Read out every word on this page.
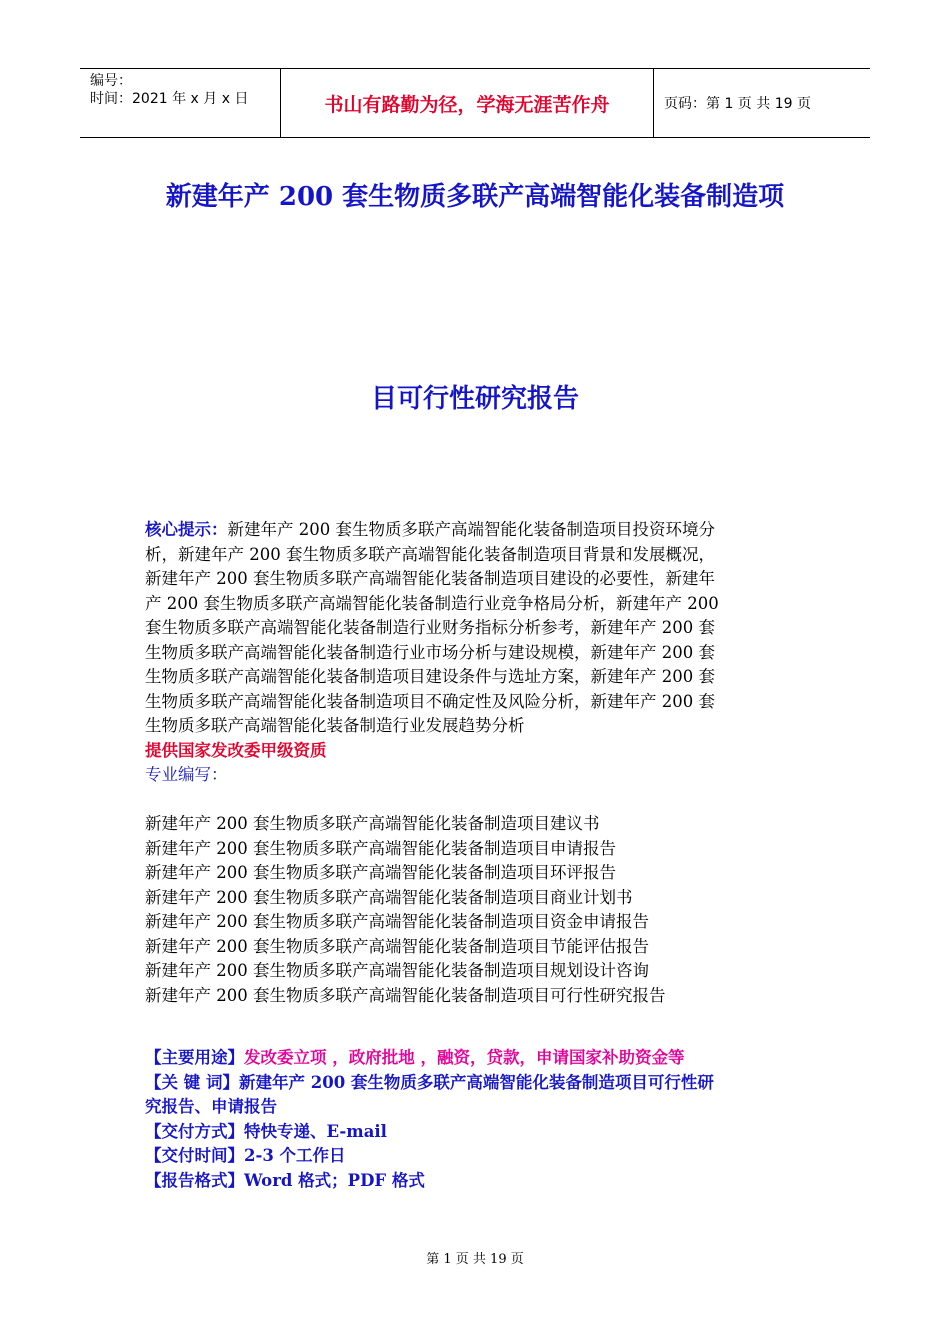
编号：
时间：2021 年 x 月 x 日	书山有路勤为径，学海无涯苦作舟	页码：第 1 页 共 19 页
新建年产 200 套生物质多联产高端智能化装备制造项
目可行性研究报告

核心提示：新建年产 200 套生物质多联产高端智能化装备制造项目投资环境分

析，新建年产 200 套生物质多联产高端智能化装备制造项目背景和发展概况，

新建年产 200 套生物质多联产高端智能化装备制造项目建设的必要性，新建年

产 200 套生物质多联产高端智能化装备制造行业竞争格局分析，新建年产 200

套生物质多联产高端智能化装备制造行业财务指标分析参考，新建年产 200 套

生物质多联产高端智能化装备制造行业市场分析与建设规模，新建年产 200 套

生物质多联产高端智能化装备制造项目建设条件与选址方案，新建年产 200 套

生物质多联产高端智能化装备制造项目不确定性及风险分析，新建年产 200 套

生物质多联产高端智能化装备制造行业发展趋势分析

提供国家发改委甲级资质

专业编写：

新建年产 200 套生物质多联产高端智能化装备制造项目建议书

新建年产 200 套生物质多联产高端智能化装备制造项目申请报告

新建年产 200 套生物质多联产高端智能化装备制造项目环评报告

新建年产 200 套生物质多联产高端智能化装备制造项目商业计划书

新建年产 200 套生物质多联产高端智能化装备制造项目资金申请报告

新建年产 200 套生物质多联产高端智能化装备制造项目节能评估报告

新建年产 200 套生物质多联产高端智能化装备制造项目规划设计咨询

新建年产 200 套生物质多联产高端智能化装备制造项目可行性研究报告

【主要用途】发改委立项 ，政府批地 ，融资，贷款，申请国家补助资金等

【关 键 词】新建年产 200 套生物质多联产高端智能化装备制造项目可行性研

究报告、申请报告

【交付方式】特快专递、E-mail

【交付时间】2-3 个工作日

【报告格式】Word 格式；PDF 格式

第 1 页 共 19 页
